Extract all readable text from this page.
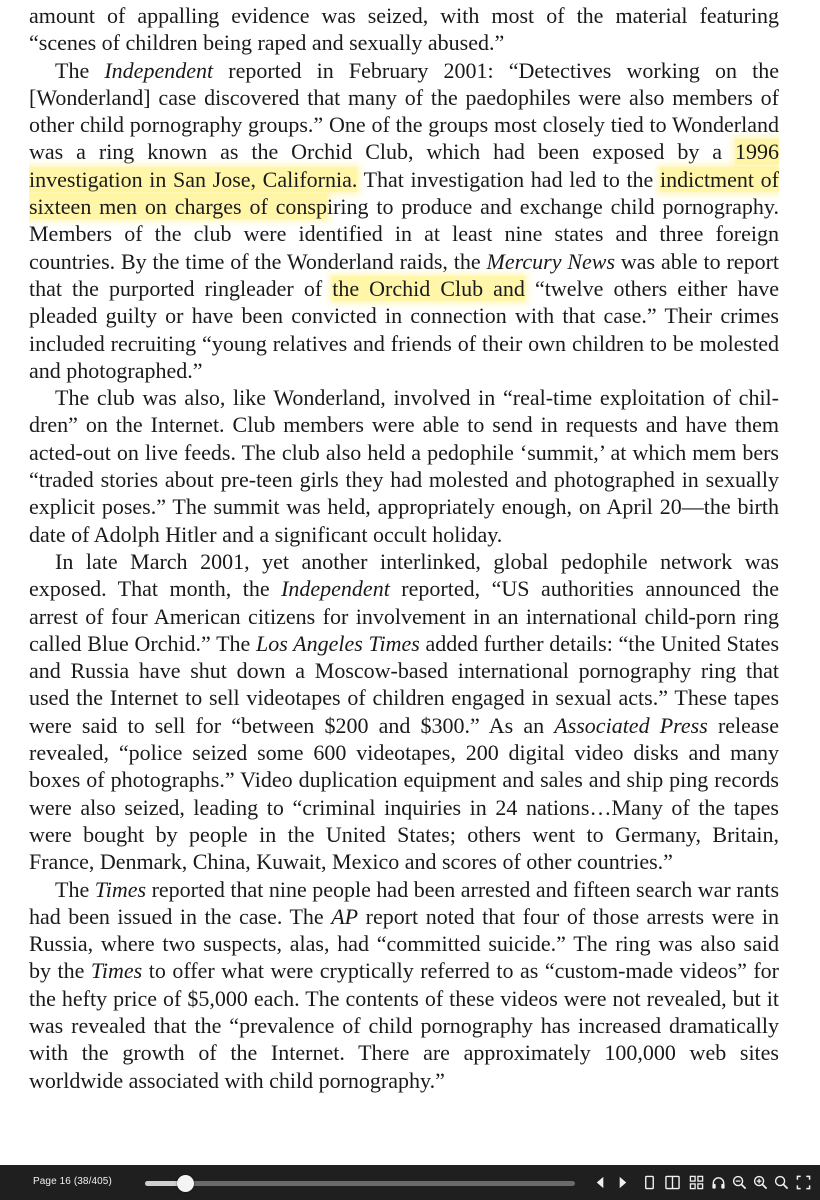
amount of appalling evidence was seized, with most of the material featuring “scenes of children being raped and sexually abused.”

The Independent reported in February 2001: “Detectives working on the [Wonderland] case discovered that many of the paedophiles were also members of other child pornography groups.” One of the groups most closely tied to Wonderland was a ring known as the Orchid Club, which had been exposed by a 1996 investigation in San Jose, California. That investigation had led to the indictment of sixteen men on charges of conspiring to produce and exchange child pornography. Members of the club were identified in at least nine states and three foreign countries. By the time of the Wonderland raids, the Mercury News was able to report that the purported ringleader of the Orchid Club and “twelve others either have pleaded guilty or have been convicted in connection with that case.” Their crimes included recruiting “young relatives and friends of their own children to be molested and photographed.”

The club was also, like Wonderland, involved in “real-time exploitation of chil dren” on the Internet. Club members were able to send in requests and have them acted-out on live feeds. The club also held a pedophile ‘summit,’ at which mem bers “traded stories about pre-teen girls they had molested and photographed in sexually explicit poses.” The summit was held, appropriately enough, on April 20—the birth date of Adolph Hitler and a significant occult holiday.

In late March 2001, yet another interlinked, global pedophile network was exposed. That month, the Independent reported, “US authorities announced the arrest of four American citizens for involvement in an international child-porn ring called Blue Orchid.” The Los Angeles Times added further details: “the United States and Russia have shut down a Moscow-based international pornography ring that used the Internet to sell videotapes of children engaged in sexual acts.” These tapes were said to sell for “between $200 and $300.” As an Associated Press release revealed, “police seized some 600 videotapes, 200 digital video disks and many boxes of photographs.” Video duplication equipment and sales and ship ping records were also seized, leading to “criminal inquiries in 24 nations…Many of the tapes were bought by people in the United States; others went to Germany, Britain, France, Denmark, China, Kuwait, Mexico and scores of other countries.”

The Times reported that nine people had been arrested and fifteen search war rants had been issued in the case. The AP report noted that four of those arrests were in Russia, where two suspects, alas, had “committed suicide.” The ring was also said by the Times to offer what were cryptically referred to as “custom-made videos” for the hefty price of $5,000 each. The contents of these videos were not revealed, but it was revealed that the “prevalence of child pornography has increased dramatically with the growth of the Internet. There are approximately 100,000 web sites worldwide associated with child pornography.”

Page 16 (38/405)
